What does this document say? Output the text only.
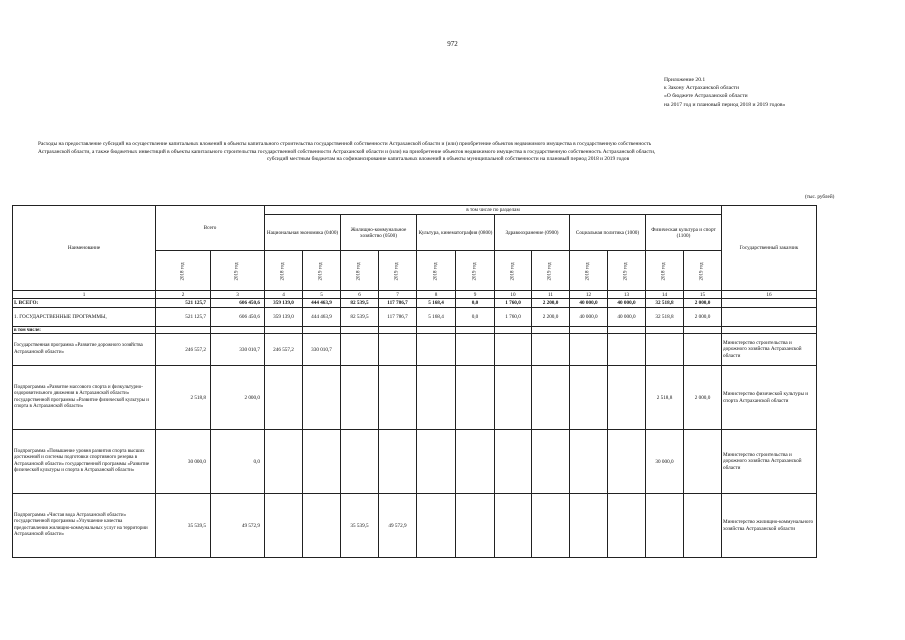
972
Приложение 20.1
к Закону Астраханской области
«О бюджете Астраханской области
на 2017 год и плановый период 2018 и 2019 годов»
Расходы на предоставление субсидий на осуществление капитальных вложений в объекты капитального строительства государственной собственности Астраханской области и (или) приобретение объектов недвижимого имущества в государственную собственность
Астраханской области, а также бюджетных инвестиций в объекты капитального строительства государственной собственности Астраханской области и (или) на приобретение объектов недвижимого имущества в государственную собственность Астраханской области,
субсидий местным бюджетам на софинансирование капитальных вложений в объекты муниципальной собственности на плановый период 2018 и 2019 годов
(тыс. рублей)
Наименование	Всего		в том числе по разделам												Государственный заказчик
			Национальная экономика (0400)		Жилищно-коммунальное хозяйство (0500)		Культура, кинематография (0800)		Здравоохранение (0900)		Социальная политика (1000)		Физическая культура и спорт (1100)		
	2018 год	2019 год	2018 год	2019 год	2018 год	2019 год	2018 год	2019 год	2018 год	2019 год	2018 год	2019 год	2018 год	2019 год	
1	2	3	4	5	6	7	8	9	10	11	12	13	14	15	16
I. ВСЕГО:	521 125,7	606 450,6	359 139,0	444 463,9	82 539,5	117 786,7	5 168,4	0,0	1 760,0	2 200,0	40 000,0	40 000,0	32 518,8	2 000,0	
1. ГОСУДАРСТВЕННЫЕ ПРОГРАММЫ,	521 125,7	606 450,6	359 139,0	444 463,9	82 539,5	117 786,7	5 168,4	0,0	1 760,0	2 200,0	40 000,0	40 000,0	32 518,8	2 000,0	
в том числе:															
Государственная программа «Развитие дорожного хозяйства Астраханской области»	246 557,2	330 010,7	246 557,2	330 010,7											Министерство строительства и дорожного хозяйства Астраханской области
Подпрограмма «Развитие массового спорта и физкультурно-оздоровительного движения в Астраханской области» государственной программы «Развитие физической культуры и спорта в Астраханской области»	2 518,8	2 000,0											2 518,8	2 000,0	Министерство физической культуры и спорта Астраханской области
Подпрограмма «Повышение уровня развития спорта высших достижений и системы подготовки спортивного резерва в Астраханской области» государственной программы «Развитие физической культуры и спорта в Астраханской области»	30 000,0	0,0											30 000,0		Министерство строительства и дорожного хозяйства Астраханской области
Подпрограмма «Чистая вода Астраханской области» государственной программы «Улучшение качества предоставления жилищно-коммунальных услуг на территории Астраханской области»	35 539,5	49 572,9			35 539,5	49 572,9									Министерство жилищно-коммунального хозяйства Астраханской области
